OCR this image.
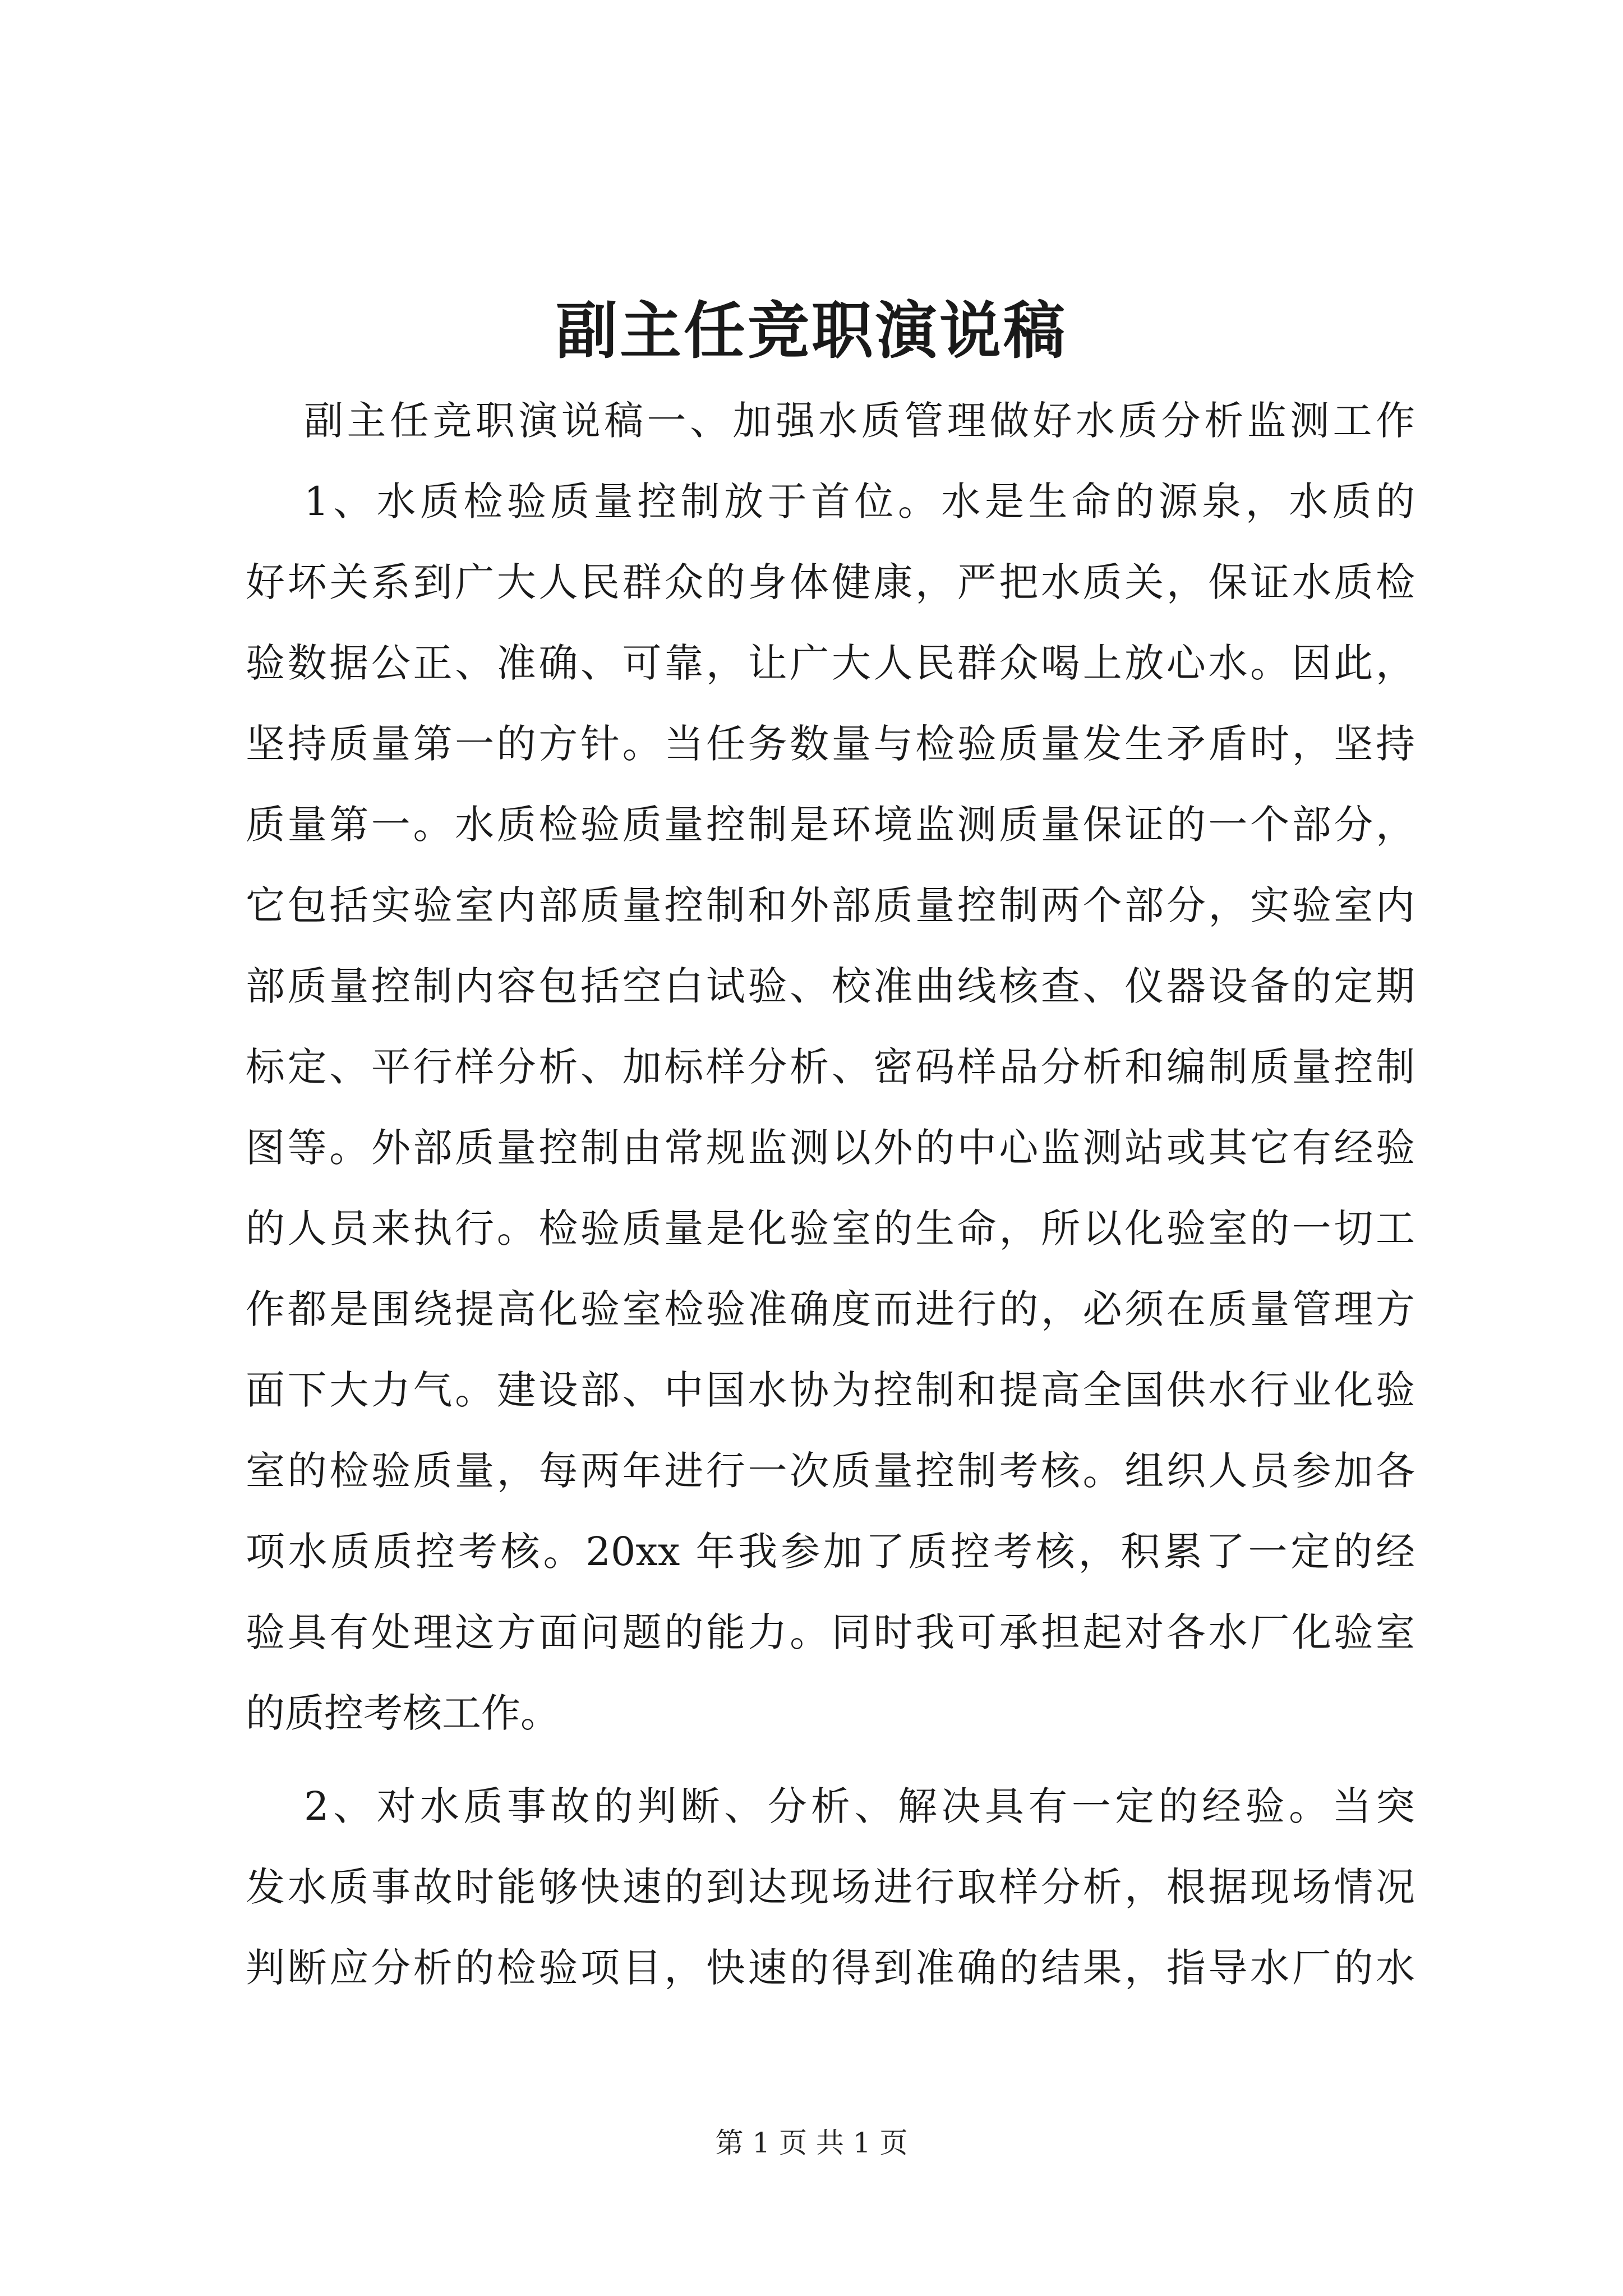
副主任竞职演说稿
副主任竞职演说稿一、加强水质管理做好水质分析监测工作
1、水质检验质量控制放于首位。水是生命的源泉，水质的
好坏关系到广大人民群众的身体健康，严把水质关，保证水质检
验数据公正、准确、可靠，让广大人民群众喝上放心水。因此，
坚持质量第一的方针。当任务数量与检验质量发生矛盾时，坚持
质量第一。水质检验质量控制是环境监测质量保证的一个部分，
它包括实验室内部质量控制和外部质量控制两个部分，实验室内
部质量控制内容包括空白试验、校准曲线核查、仪器设备的定期
标定、平行样分析、加标样分析、密码样品分析和编制质量控制
图等。外部质量控制由常规监测以外的中心监测站或其它有经验
的人员来执行。检验质量是化验室的生命，所以化验室的一切工
作都是围绕提高化验室检验准确度而进行的，必须在质量管理方
面下大力气。建设部、中国水协为控制和提高全国供水行业化验
室的检验质量，每两年进行一次质量控制考核。组织人员参加各
项水质质控考核。20xx 年我参加了质控考核，积累了一定的经
验具有处理这方面问题的能力。同时我可承担起对各水厂化验室
的质控考核工作。
2、对水质事故的判断、分析、解决具有一定的经验。当突
发水质事故时能够快速的到达现场进行取样分析，根据现场情况
判断应分析的检验项目，快速的得到准确的结果，指导水厂的水
第 1 页 共 1 页
